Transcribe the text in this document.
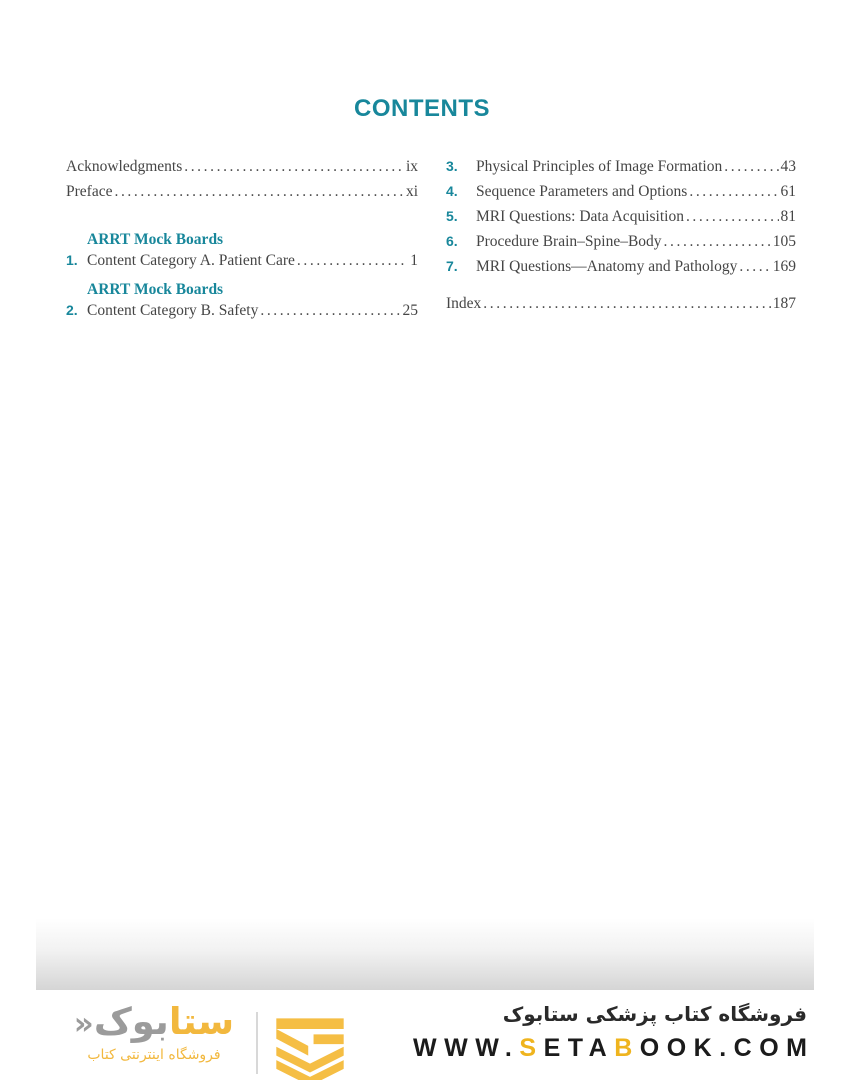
CONTENTS
Acknowledgments .....	ix
Preface .....	xi
ARRT Mock Boards
1. Content Category A. Patient Care .....	1
ARRT Mock Boards
2. Content Category B. Safety .....	25
3.	Physical Principles of Image Formation .....	43
4.	Sequence Parameters and Options .....	61
5.	MRI Questions: Data Acquisition .....	81
6.	Procedure Brain–Spine–Body .....	105
7.	MRI Questions—Anatomy and Pathology ..... 169
Index .....	187
ستابوک«
فروشگاه اینترنتی کتاب
فروشگاه کتاب پزشکی ستابوک
WWW.SETABOOK.COM
